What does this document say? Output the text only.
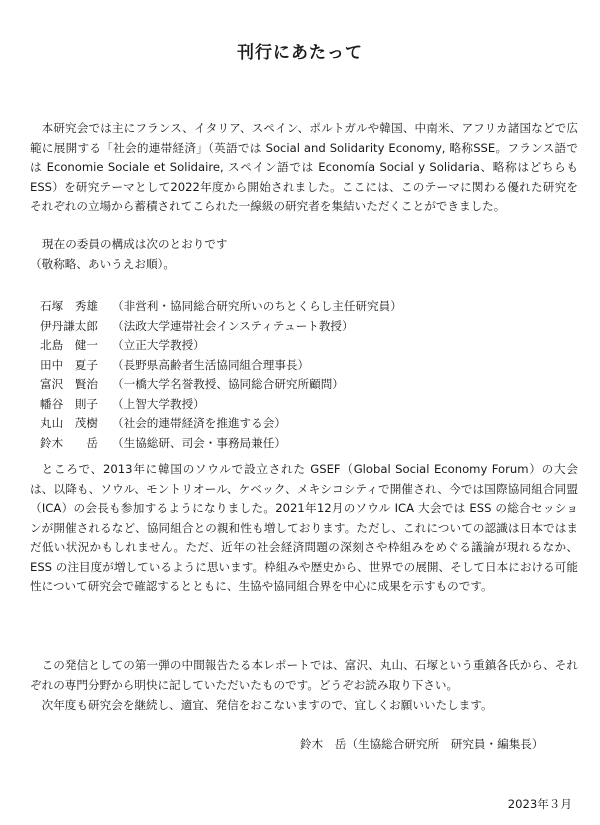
刊行にあたって

本研究会では主にフランス、イタリア、スペイン、ポルトガルや韓国、中南米、アフリカ諸国などで広範に展開する「社会的連帯経済」（英語では Social and Solidarity Economy, 略称SSE。フランス語では Economie Sociale et Solidaire, スペイン語では Economía Social y Solidaria、略称はどちらも ESS）を研究テーマとして2022年度から開始されました。ここには、このテーマに関わる優れた研究をそれぞれの立場から蓄積されてこられた一線級の研究者を集結いただくことができました。

現在の委員の構成は次のとおりです
（敬称略、あいうえお順）。
石塚　秀雄 （非営利・協同総合研究所いのちとくらし主任研究員）
伊丹謙太郎 （法政大学連帯社会インスティテュート教授）
北島　健一 （立正大学教授）
田中　夏子 （長野県高齢者生活協同組合理事長）
富沢　賢治 （一橋大学名誉教授、協同総合研究所顧問）
幡谷　則子 （上智大学教授）
丸山　茂樹 （社会的連帯経済を推進する会）
鈴木　　岳 （生協総研、司会・事務局兼任）

ところで、2013年に韓国のソウルで設立された GSEF（Global Social Economy Forum）の大会は、以降も、ソウル、モントリオール、ケベック、メキシコシティで開催され、今では国際協同組合同盟（ICA）の会長も参加するようになりました。2021年12月のソウル ICA 大会では ESS の総合セッションが開催されるなど、協同組合との親和性も増しております。ただし、これについての認識は日本ではまだ低い状況かもしれません。ただ、近年の社会経済問題の深刻さや枠組みをめぐる議論が現れるなか、ESS の注目度が増しているように思います。枠組みや歴史から、世界での展開、そして日本における可能性について研究会で確認するとともに、生協や協同組合界を中心に成果を示すものです。

この発信としての第一弾の中間報告たる本レポートでは、富沢、丸山、石塚という重鎮各氏から、それぞれの専門分野から明快に記していただいたものです。どうぞお読み取り下さい。

次年度も研究会を継続し、適宜、発信をおこないますので、宜しくお願いいたします。

鈴木　岳（生協総合研究所　研究員・編集長）
2023年３月
